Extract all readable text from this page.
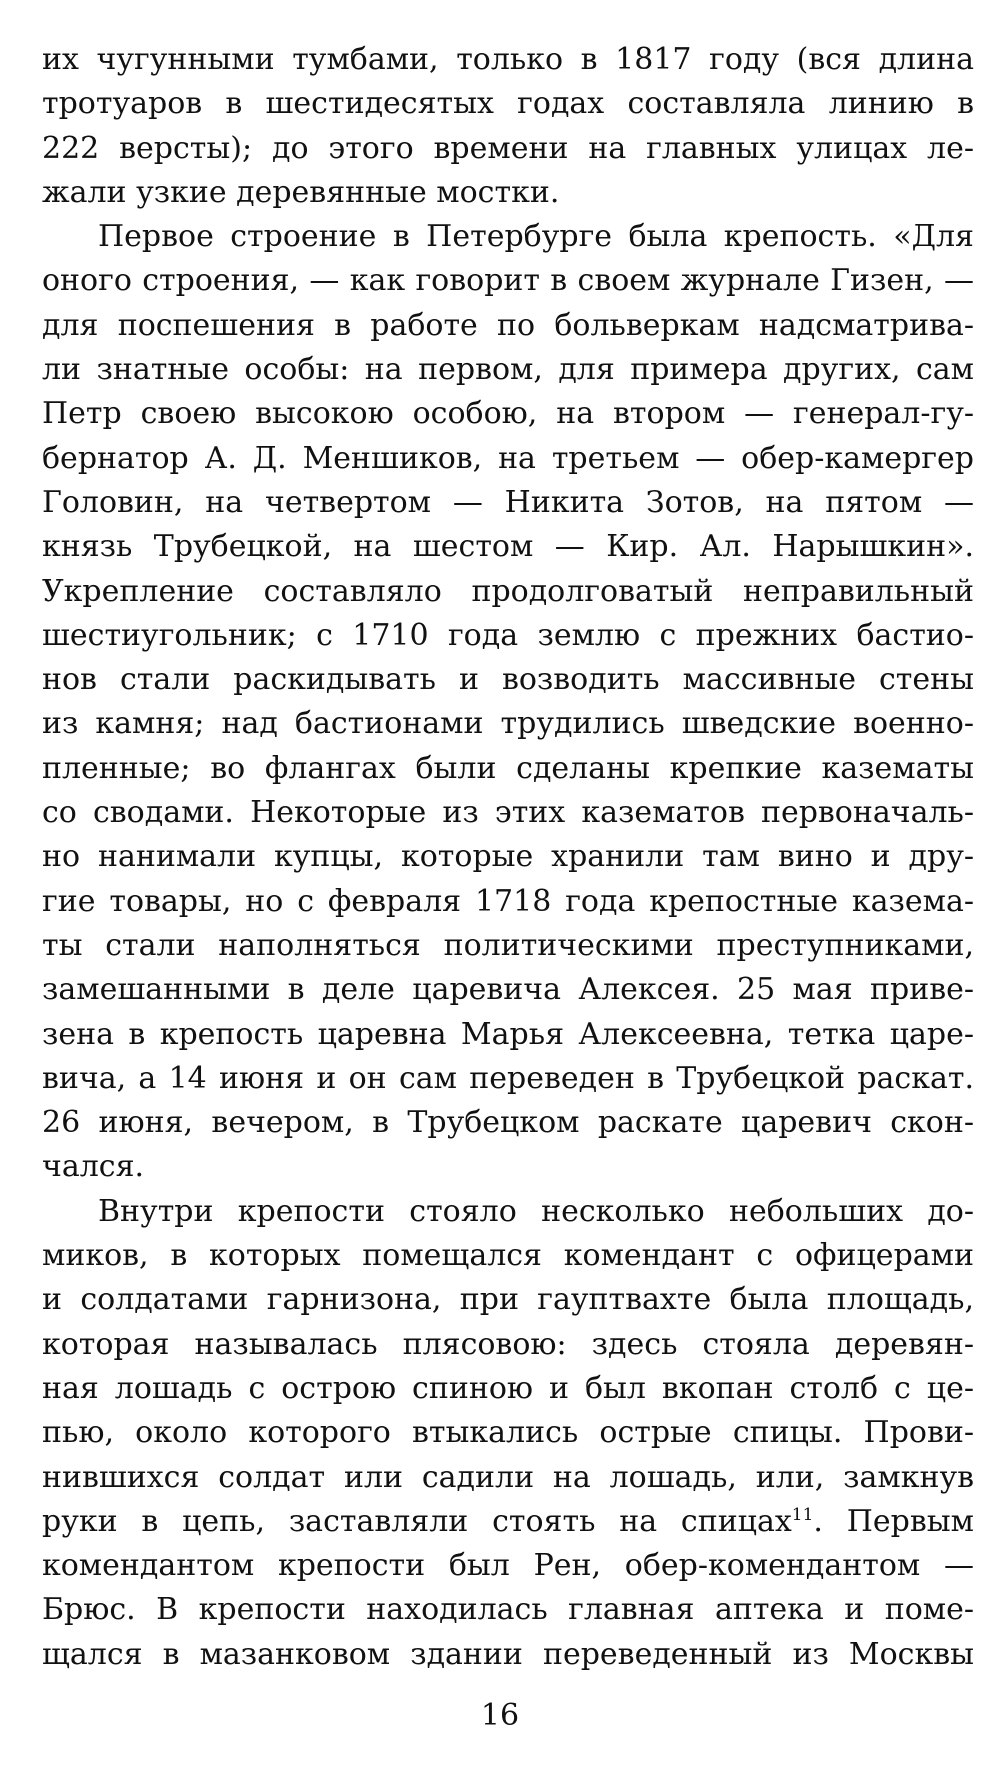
их чугунными тумбами, только в 1817 году (вся длина
тротуаров в шестидесятых годах составляла линию в
222 версты); до этого времени на главных улицах ле-
жали узкие деревянные мостки.
Первое строение в Петербурге была крепость. «Для
оного строения, — как говорит в своем журнале Гизен, —
для поспешения в работе по больверкам надсматрива-
ли знатные особы: на первом, для примера других, сам
Петр своею высокою особою, на втором — генерал-гу-
бернатор А. Д. Меншиков, на третьем — обер-камергер
Головин, на четвертом — Никита Зотов, на пятом —
князь Трубецкой, на шестом — Кир. Ал. Нарышкин».
Укрепление составляло продолговатый неправильный
шестиугольник; с 1710 года землю с прежних бастио-
нов стали раскидывать и возводить массивные стены
из камня; над бастионами трудились шведские военно-
пленные; во флангах были сделаны крепкие казематы
со сводами. Некоторые из этих казематов первоначаль-
но нанимали купцы, которые хранили там вино и дру-
гие товары, но с февраля 1718 года крепостные казема-
ты стали наполняться политическими преступниками,
замешанными в деле царевича Алексея. 25 мая приве-
зена в крепость царевна Марья Алексеевна, тетка царе-
вича, а 14 июня и он сам переведен в Трубецкой раскат.
26 июня, вечером, в Трубецком раскате царевич скон-
чался.
Внутри крепости стояло несколько небольших до-
миков, в которых помещался комендант с офицерами
и солдатами гарнизона, при гауптвахте была площадь,
которая называлась плясовою: здесь стояла деревян-
ная лошадь с острою спиною и был вкопан столб с це-
пью, около которого втыкались острые спицы. Прови-
нившихся солдат или садили на лошадь, или, замкнув
руки в цепь, заставляли стоять на спицах$^{11}$. Первым
комендантом крепости был Рен, обер-комендантом —
Брюс. В крепости находилась главная аптека и поме-
щался в мазанковом здании переведенный из Москвы
16
